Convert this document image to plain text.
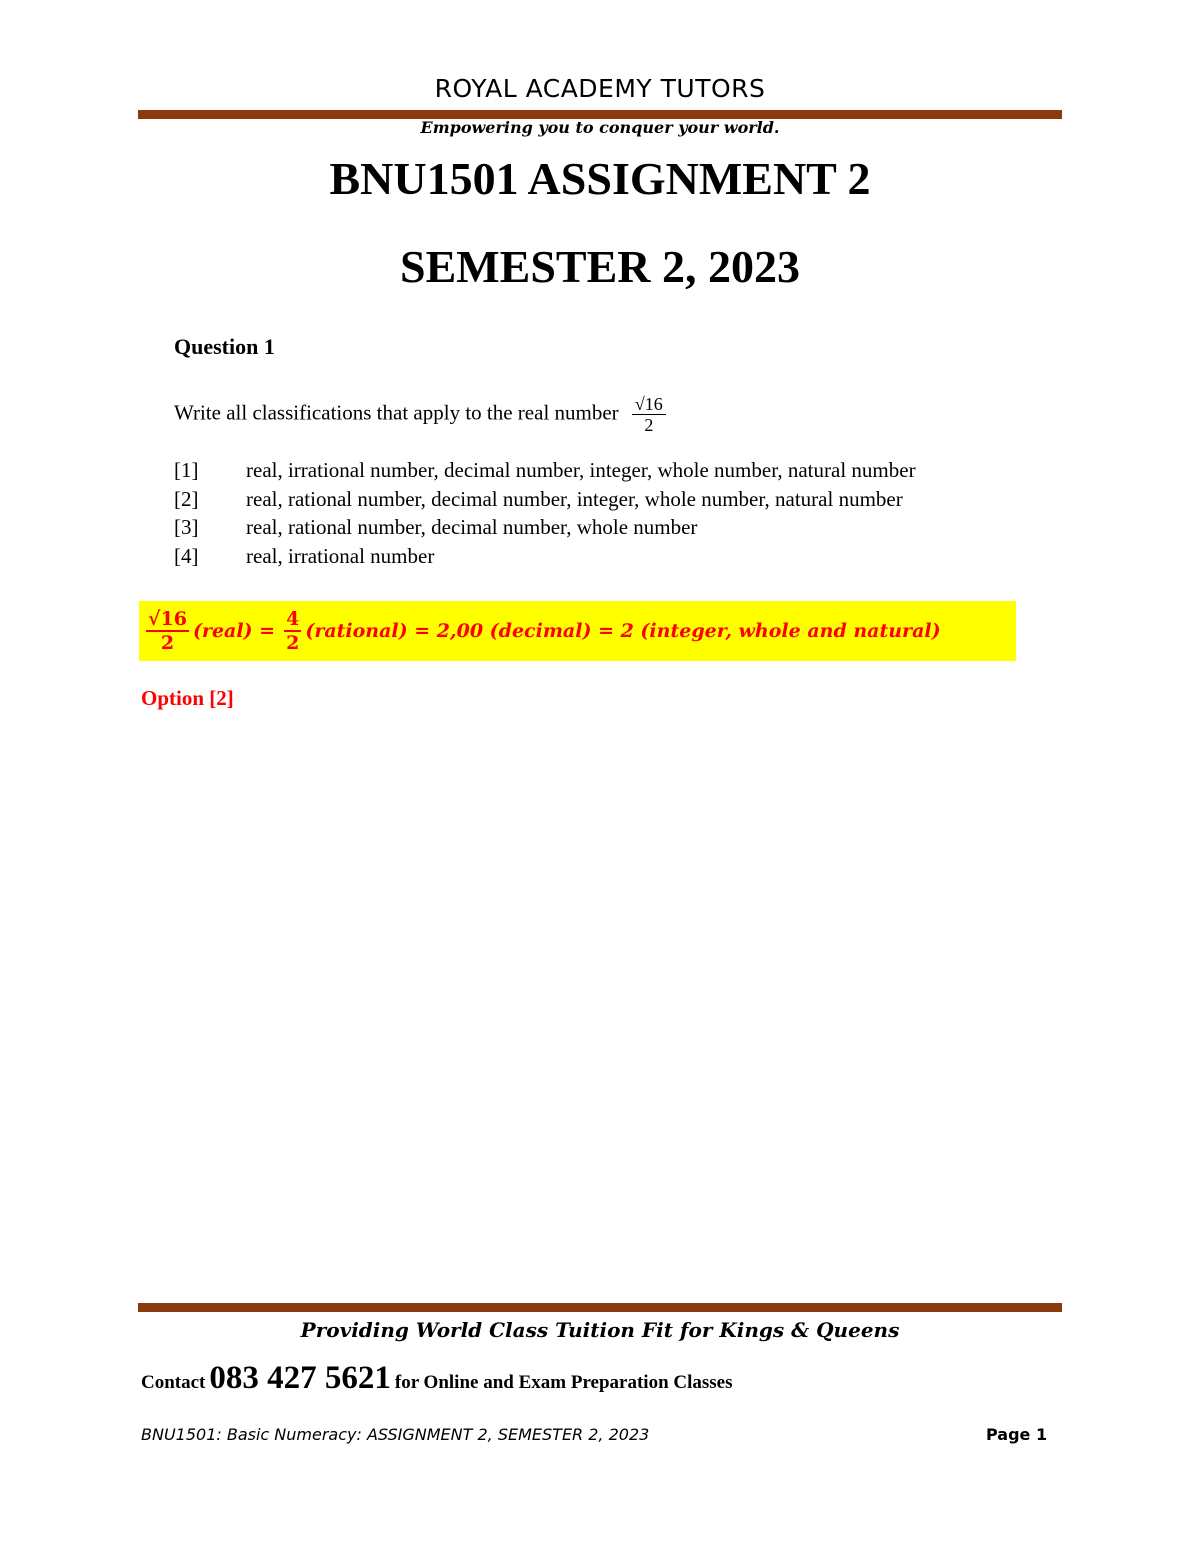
ROYAL ACADEMY TUTORS
Empowering you to conquer your world.
BNU1501 ASSIGNMENT 2
SEMESTER 2, 2023
Question 1
Write all classifications that apply to the real number $\frac{√16}{2}$
[1] real, irrational number, decimal number, integer, whole number, natural number
[2] real, rational number, decimal number, integer, whole number, natural number
[3] real, rational number, decimal number, whole number
[4] real, irrational number
$\frac{√16}{2}$ (real) = $\frac{4}{2}$ (rational) = 2,00 (decimal) = 2 (integer, whole and natural)
Option [2]
Providing World Class Tuition Fit for Kings & Queens
Contact 083 427 5621 for Online and Exam Preparation Classes
BNU1501: Basic Numeracy: ASSIGNMENT 2, SEMESTER 2, 2023	Page 1
